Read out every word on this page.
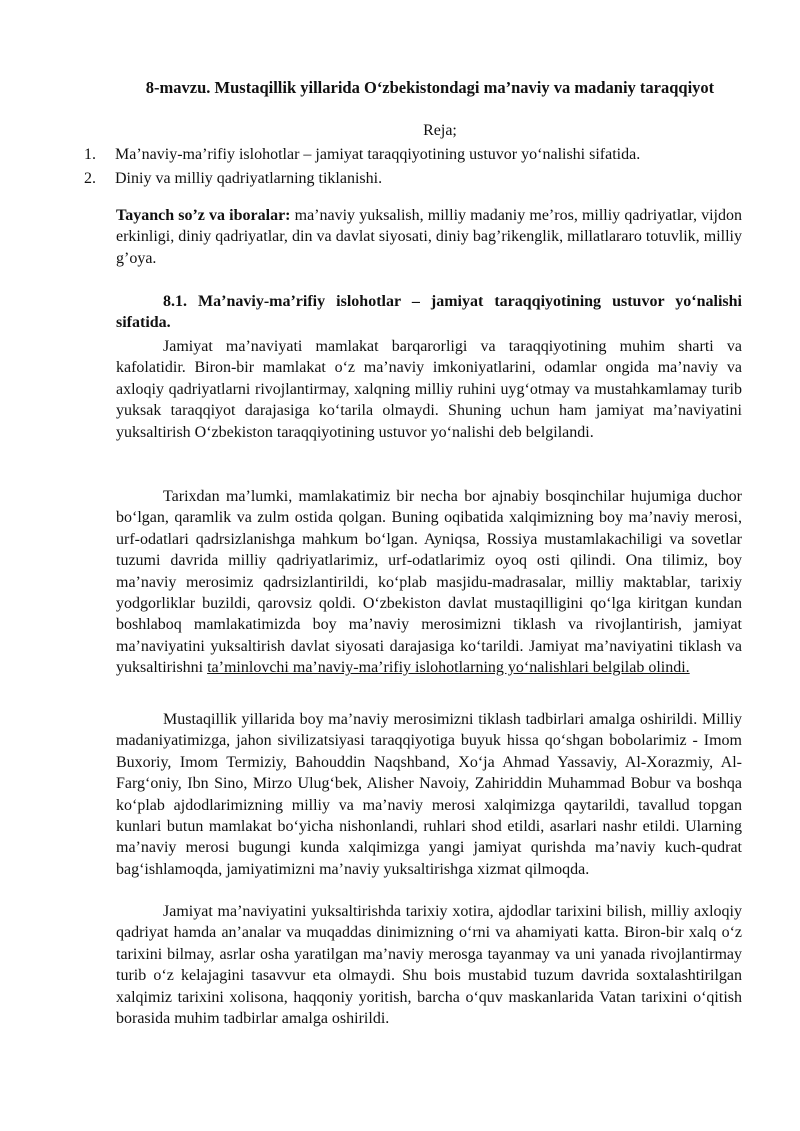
8-mavzu. Mustaqillik yillarida O‘zbekistondagi ma’naviy va madaniy taraqqiyot

Reja;

1.	Ma’naviy-ma’rifiy islohotlar – jamiyat taraqqiyotining ustuvor yo‘nalishi sifatida.
2.	Diniy va milliy qadriyatlarning tiklanishi.

Tayanch so’z va iboralar: ma’naviy yuksalish, milliy madaniy me’ros, milliy qadriyatlar, vijdon erkinligi, diniy qadriyatlar, din va davlat siyosati, diniy bag’rikenglik, millatlararo totuvlik, milliy g’oya.

8.1. Ma’naviy-ma’rifiy islohotlar – jamiyat taraqqiyotining ustuvor yo‘nalishi sifatida.

Jamiyat ma’naviyati mamlakat barqarorligi va taraqqiyotining muhim sharti va kafolatidir. Biron-bir mamlakat o‘z ma’naviy imkoniyatlarini, odamlar ongida ma’naviy va axloqiy qadriyatlarni rivojlantirmay, xalqning milliy ruhini uyg‘otmay va mustahkamlamay turib yuksak taraqqiyot darajasiga ko‘tarila olmaydi. Shuning uchun ham jamiyat ma’naviyatini yuksaltirish O‘zbekiston taraqqiyotining ustuvor yo‘nalishi deb belgilandi.

Tarixdan ma’lumki, mamlakatimiz bir necha bor ajnabiy bosqinchilar hujumiga duchor bo‘lgan, qaramlik va zulm ostida qolgan. Buning oqibatida xalqimizning boy ma’naviy merosi, urf-odatlari qadrsizlanishga mahkum bo‘lgan. Ayniqsa, Rossiya mustamlakachiligi va sovetlar tuzumi davrida milliy qadriyatlarimiz, urf-odatlarimiz oyoq osti qilindi. Ona tilimiz, boy ma’naviy merosimiz qadrsizlantirildi, ko‘plab masjidu-madrasalar, milliy maktablar, tarixiy yodgorliklar buzildi, qarovsiz qoldi. O‘zbekiston davlat mustaqilligini qo‘lga kiritgan kundan boshlaboq mamlakatimizda boy ma’naviy merosimizni tiklash va rivojlantirish, jamiyat ma’naviyatini yuksaltirish davlat siyosati darajasiga ko‘tarildi. Jamiyat ma’naviyatini tiklash va yuksaltirishni ta’minlovchi ma’naviy-ma’rifiy islohotlarning yo‘nalishlari belgilab olindi.

Mustaqillik yillarida boy ma’naviy merosimizni tiklash tadbirlari amalga oshirildi. Milliy madaniyatimizga, jahon sivilizatsiyasi taraqqiyotiga buyuk hissa qo‘shgan bobolarimiz - Imom Buxoriy, Imom Termiziy, Bahouddin Naqshband, Xo‘ja Ahmad Yassaviy, Al-Xorazmiy, Al-Farg‘oniy, Ibn Sino, Mirzo Ulug‘bek, Alisher Navoiy, Zahiriddin Muhammad Bobur va boshqa ko‘plab ajdodlarimizning milliy va ma’naviy merosi xalqimizga qaytarildi, tavallud topgan kunlari butun mamlakat bo‘yicha nishonlandi, ruhlari shod etildi, asarlari nashr etildi. Ularning ma’naviy merosi bugungi kunda xalqimizga yangi jamiyat qurishda ma’naviy kuch-qudrat bag‘ishlamoqda, jamiyatimizni ma’naviy yuksaltirishga xizmat qilmoqda.

Jamiyat ma’naviyatini yuksaltirishda tarixiy xotira, ajdodlar tarixini bilish, milliy axloqiy qadriyat hamda an’analar va muqaddas dinimizning o‘rni va ahamiyati katta. Biron-bir xalq o‘z tarixini bilmay, asrlar osha yaratilgan ma’naviy merosga tayanmay va uni yanada rivojlantirmay turib o‘z kelajagini tasavvur eta olmaydi. Shu bois mustabid tuzum davrida soxtalashtirilgan xalqimiz tarixini xolisona, haqqoniy yoritish, barcha o‘quv maskanlarida Vatan tarixini o‘qitish borasida muhim tadbirlar amalga oshirildi.
